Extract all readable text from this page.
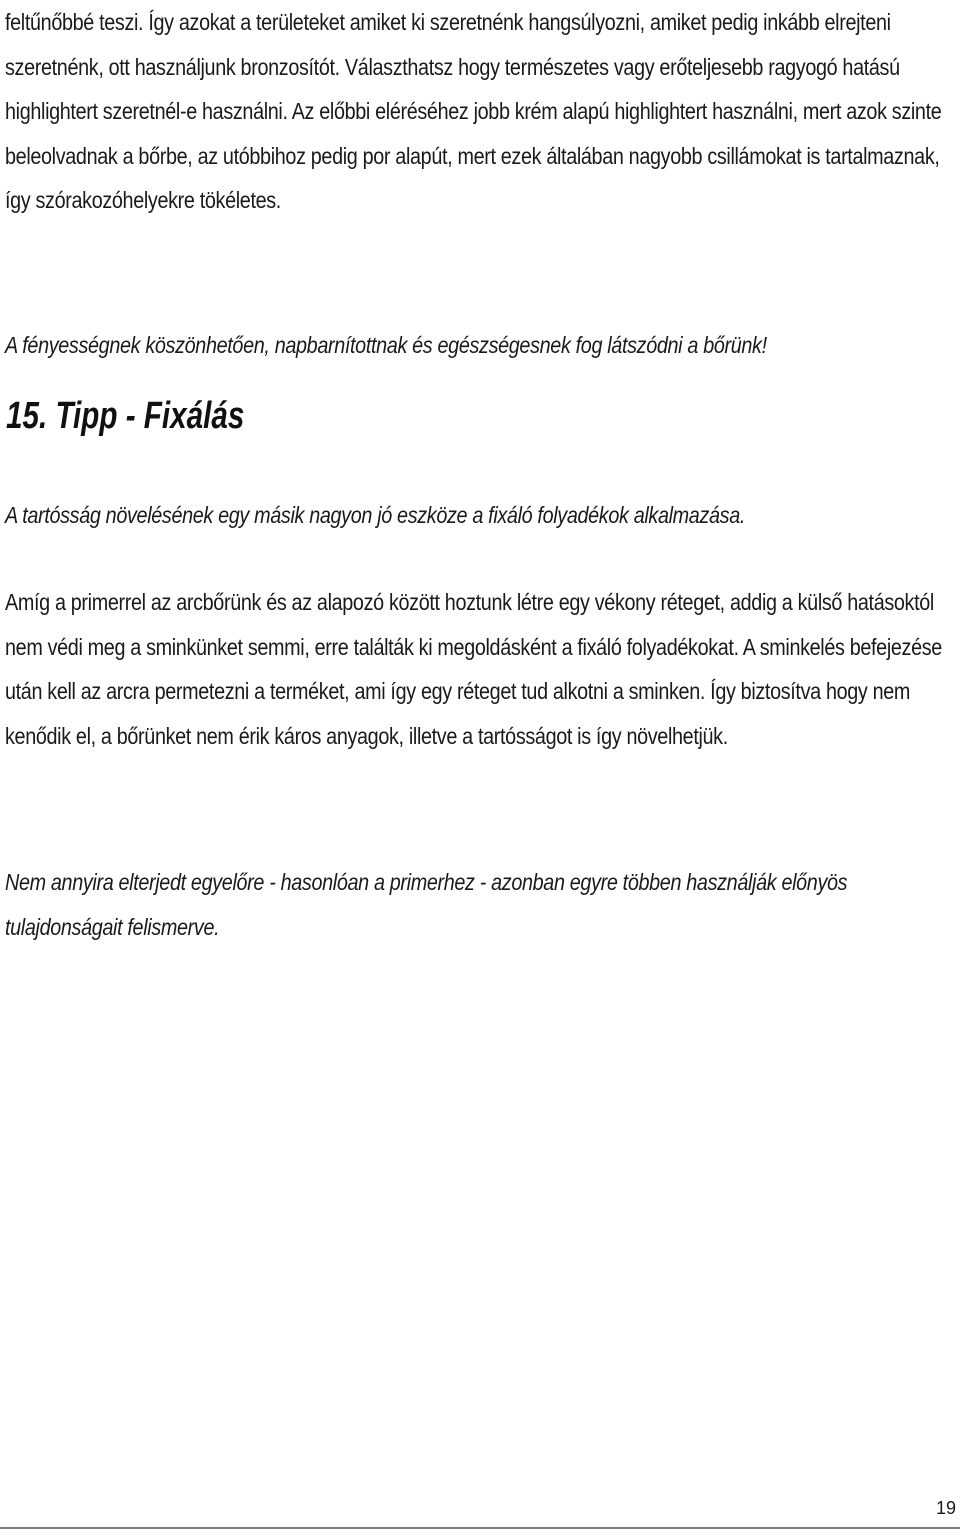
feltűnőbbé teszi. Így azokat a területeket amiket ki szeretnénk hangsúlyozni, amiket pedig inkább elrejteni szeretnénk, ott használjunk bronzosítót. Választhatsz hogy természetes vagy erőteljesebb ragyogó hatású highlightert szeretnél-e használni. Az előbbi eléréséhez jobb krém alapú highlightert használni, mert azok szinte beleolvadnak a bőrbe, az utóbbihoz pedig por alapút, mert ezek általában nagyobb csillámokat is tartalmaznak, így szórakozóhelyekre tökéletes.

A fényességnek köszönhetően, napbarnítottnak és egészségesnek fog látszódni a bőrünk!

15. Tipp - Fixálás

A tartósság növelésének egy másik nagyon jó eszköze a fixáló folyadékok alkalmazása.

Amíg a primerrel az arcbőrünk és az alapozó között hoztunk létre egy vékony réteget, addig a külső hatásoktól nem védi meg a sminkünket semmi, erre találták ki megoldásként a fixáló folyadékokat. A sminkelés befejezése után kell az arcra permetezni a terméket, ami így egy réteget tud alkotni a sminken. Így biztosítva hogy nem kenődik el, a bőrünket nem érik káros anyagok, illetve a tartósságot is így növelhetjük.

Nem annyira elterjedt egyelőre - hasonlóan a primerhez - azonban egyre többen használják előnyös tulajdonságait felismerve.

19
